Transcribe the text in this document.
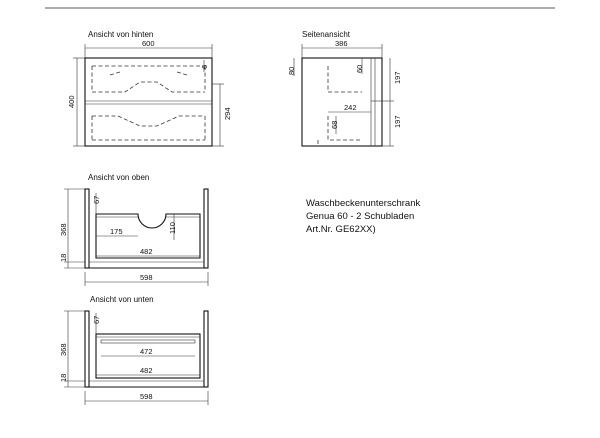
Ansicht von hinten
600
6
400
294
Seitenansicht
386
80	60
197
197
242
68
Ansicht von oben
67
175	110
482
368
18
598
Ansicht von unten
67
472
482
368
18
598
Waschbeckenunterschrank
Genua 60 - 2 Schubladen
Art.Nr. GE62XX)
